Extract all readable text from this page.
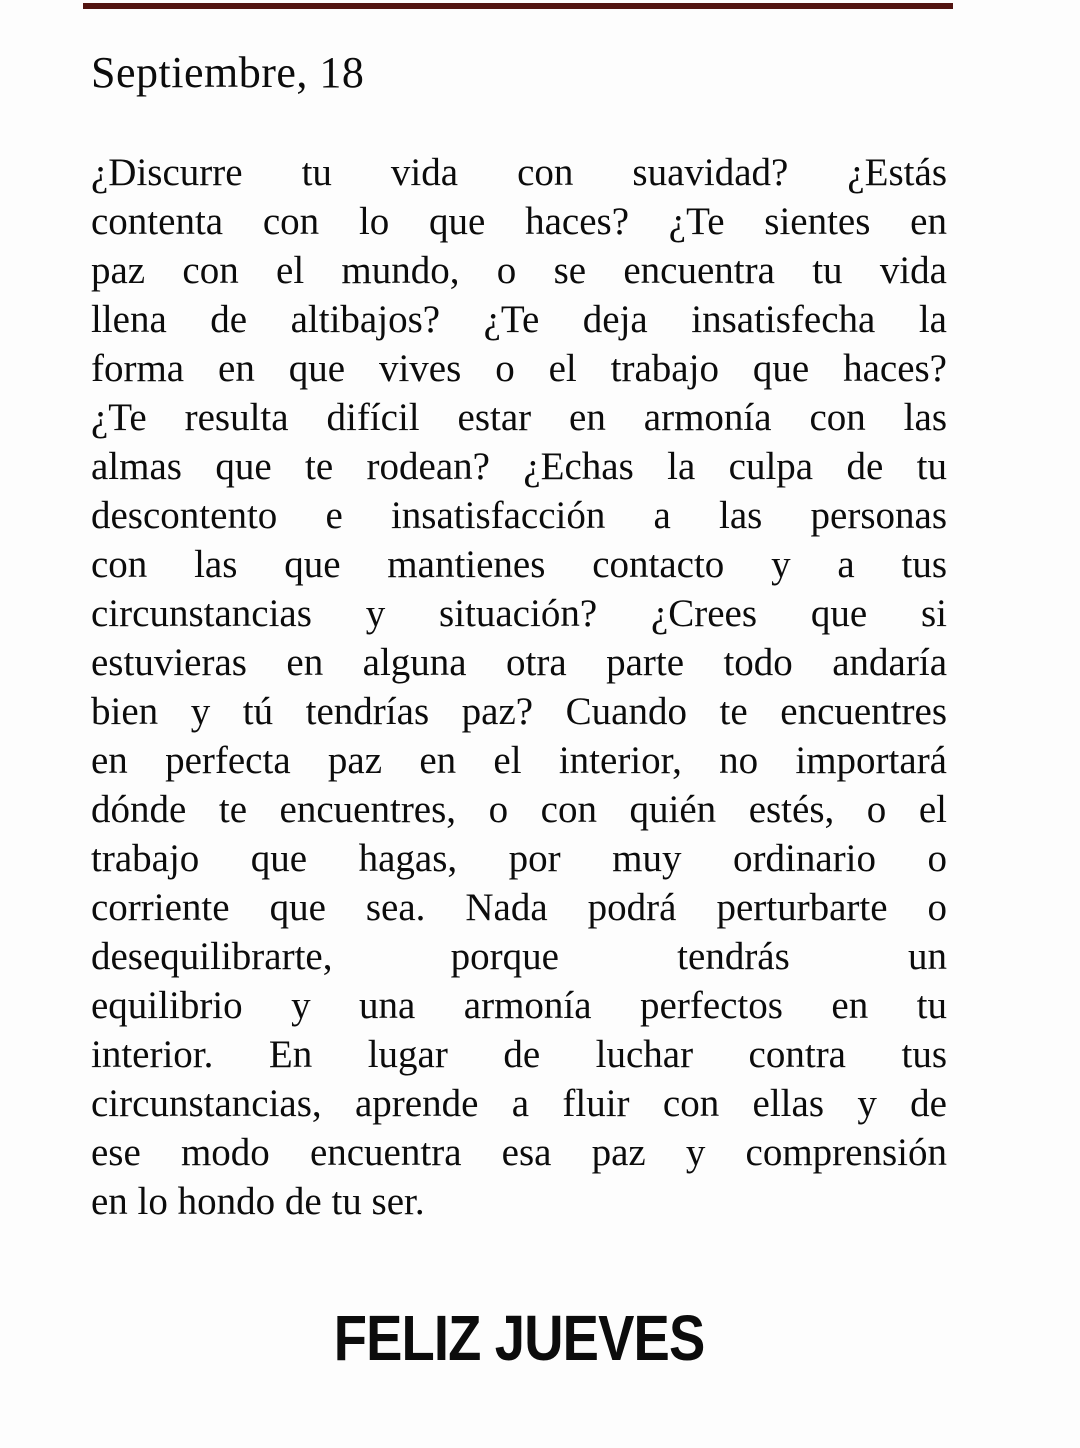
Septiembre, 18
¿Discurre tu vida con suavidad? ¿Estás
contenta con lo que haces? ¿Te sientes en
paz con el mundo, o se encuentra tu vida
llena de altibajos? ¿Te deja insatisfecha la
forma en que vives o el trabajo que haces?
¿Te resulta difícil estar en armonía con las
almas que te rodean? ¿Echas la culpa de tu
descontento e insatisfacción a las personas
con las que mantienes contacto y a tus
circunstancias y situación? ¿Crees que si
estuvieras en alguna otra parte todo andaría
bien y tú tendrías paz? Cuando te encuentres
en perfecta paz en el interior, no importará
dónde te encuentres, o con quién estés, o el
trabajo que hagas, por muy ordinario o
corriente que sea. Nada podrá perturbarte o
desequilibrarte, porque tendrás un
equilibrio y una armonía perfectos en tu
interior. En lugar de luchar contra tus
circunstancias, aprende a fluir con ellas y de
ese modo encuentra esa paz y comprensión
en lo hondo de tu ser.
FELIZ JUEVES
